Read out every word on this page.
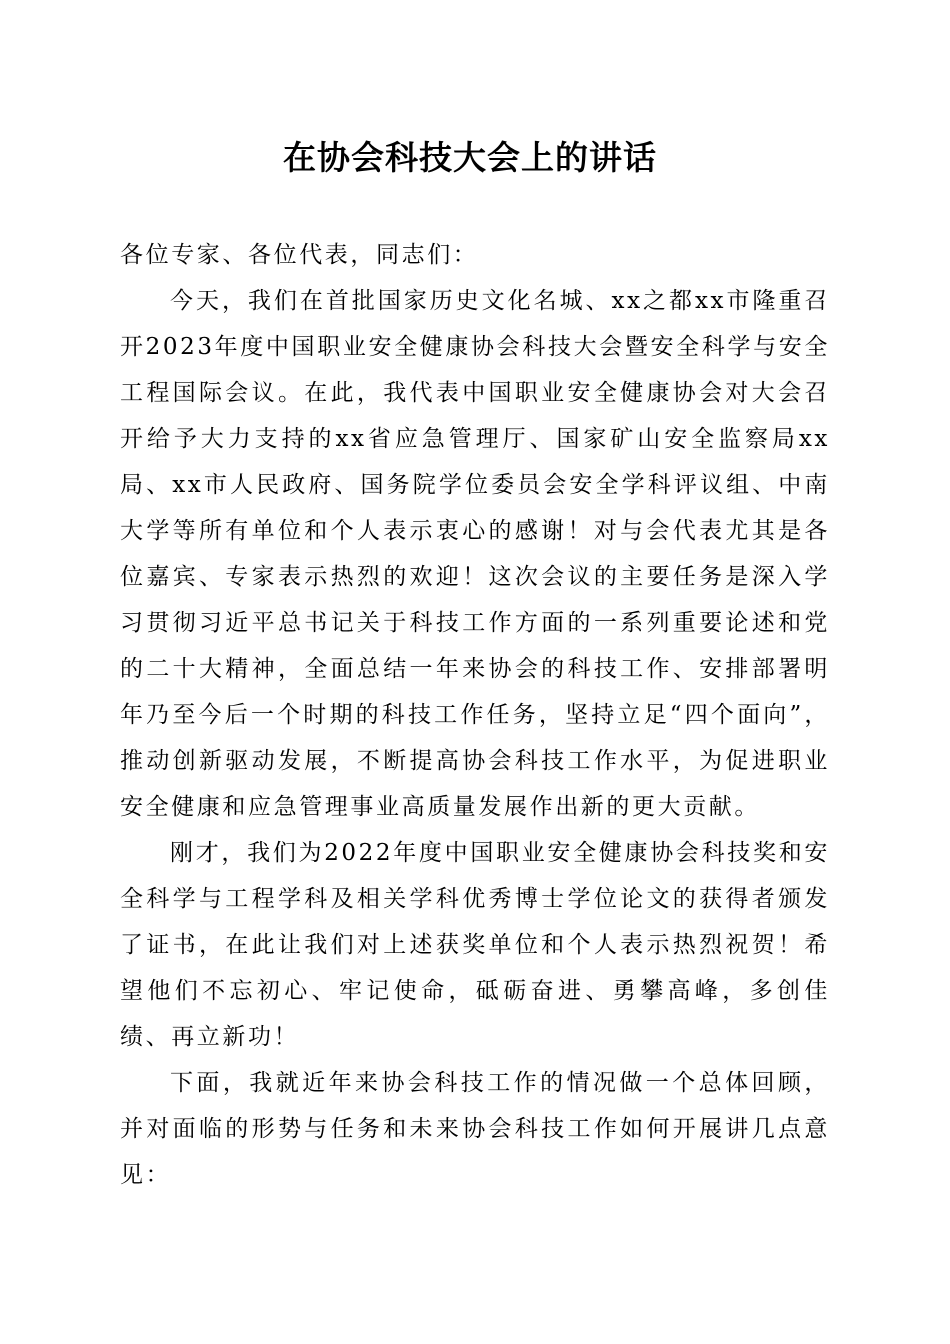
在协会科技大会上的讲话

各位专家、各位代表，同志们：

今天，我们在首批国家历史文化名城、xx之都xx市隆重召开2023年度中国职业安全健康协会科技大会暨安全科学与安全工程国际会议。在此，我代表中国职业安全健康协会对大会召开给予大力支持的xx省应急管理厅、国家矿山安全监察局xx局、xx市人民政府、国务院学位委员会安全学科评议组、中南大学等所有单位和个人表示衷心的感谢！对与会代表尤其是各位嘉宾、专家表示热烈的欢迎！这次会议的主要任务是深入学习贯彻习近平总书记关于科技工作方面的一系列重要论述和党的二十大精神，全面总结一年来协会的科技工作、安排部署明年乃至今后一个时期的科技工作任务，坚持立足“四个面向”，推动创新驱动发展，不断提高协会科技工作水平，为促进职业安全健康和应急管理事业高质量发展作出新的更大贡献。

刚才，我们为2022年度中国职业安全健康协会科技奖和安全科学与工程学科及相关学科优秀博士学位论文的获得者颁发了证书，在此让我们对上述获奖单位和个人表示热烈祝贺！希望他们不忘初心、牢记使命，砥砺奋进、勇攀高峰，多创佳绩、再立新功！

下面，我就近年来协会科技工作的情况做一个总体回顾，并对面临的形势与任务和未来协会科技工作如何开展讲几点意见：
